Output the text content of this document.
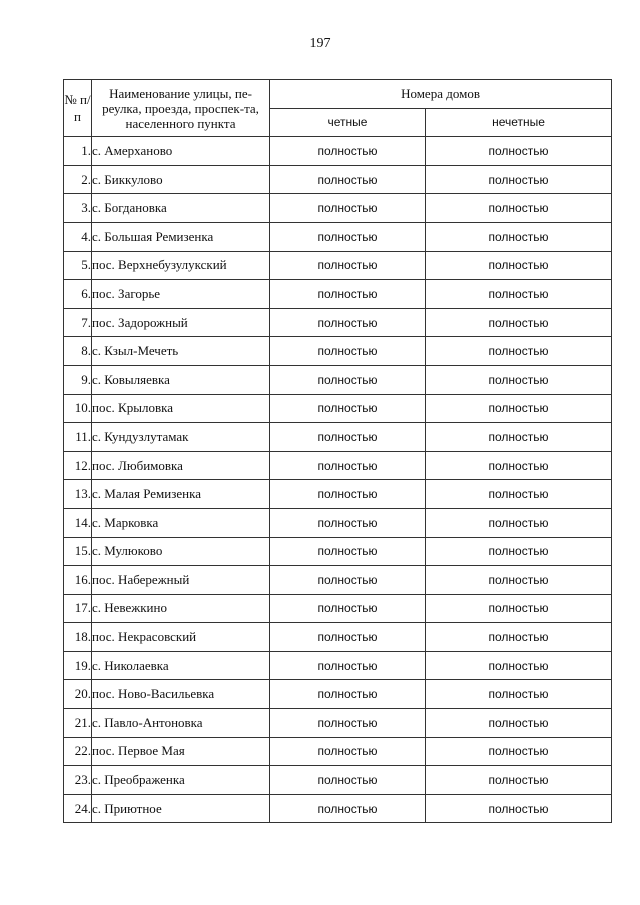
197
№ п/п	Наименование улицы, пе-реулка, проезда, проспек-та, населенного пункта	Номера домов	
		четные	нечетные
1.	с. Амерханово	полностью	полностью
2.	с. Биккулово	полностью	полностью
3.	с. Богдановка	полностью	полностью
4.	с. Большая Ремизенка	полностью	полностью
5.	пос. Верхнебузулукский	полностью	полностью
6.	пос. Загорье	полностью	полностью
7.	пос. Задорожный	полностью	полностью
8.	с. Кзыл-Мечеть	полностью	полностью
9.	с. Ковыляевка	полностью	полностью
10.	пос. Крыловка	полностью	полностью
11.	с. Кундузлутамак	полностью	полностью
12.	пос. Любимовка	полностью	полностью
13.	с. Малая Ремизенка	полностью	полностью
14.	с. Марковка	полностью	полностью
15.	с. Мулюково	полностью	полностью
16.	пос. Набережный	полностью	полностью
17.	с. Невежкино	полностью	полностью
18.	пос. Некрасовский	полностью	полностью
19.	с. Николаевка	полностью	полностью
20.	пос. Ново-Васильевка	полностью	полностью
21.	с. Павло-Антоновка	полностью	полностью
22.	пос. Первое Мая	полностью	полностью
23.	с. Преображенка	полностью	полностью
24.	с. Приютное	полностью	полностью
